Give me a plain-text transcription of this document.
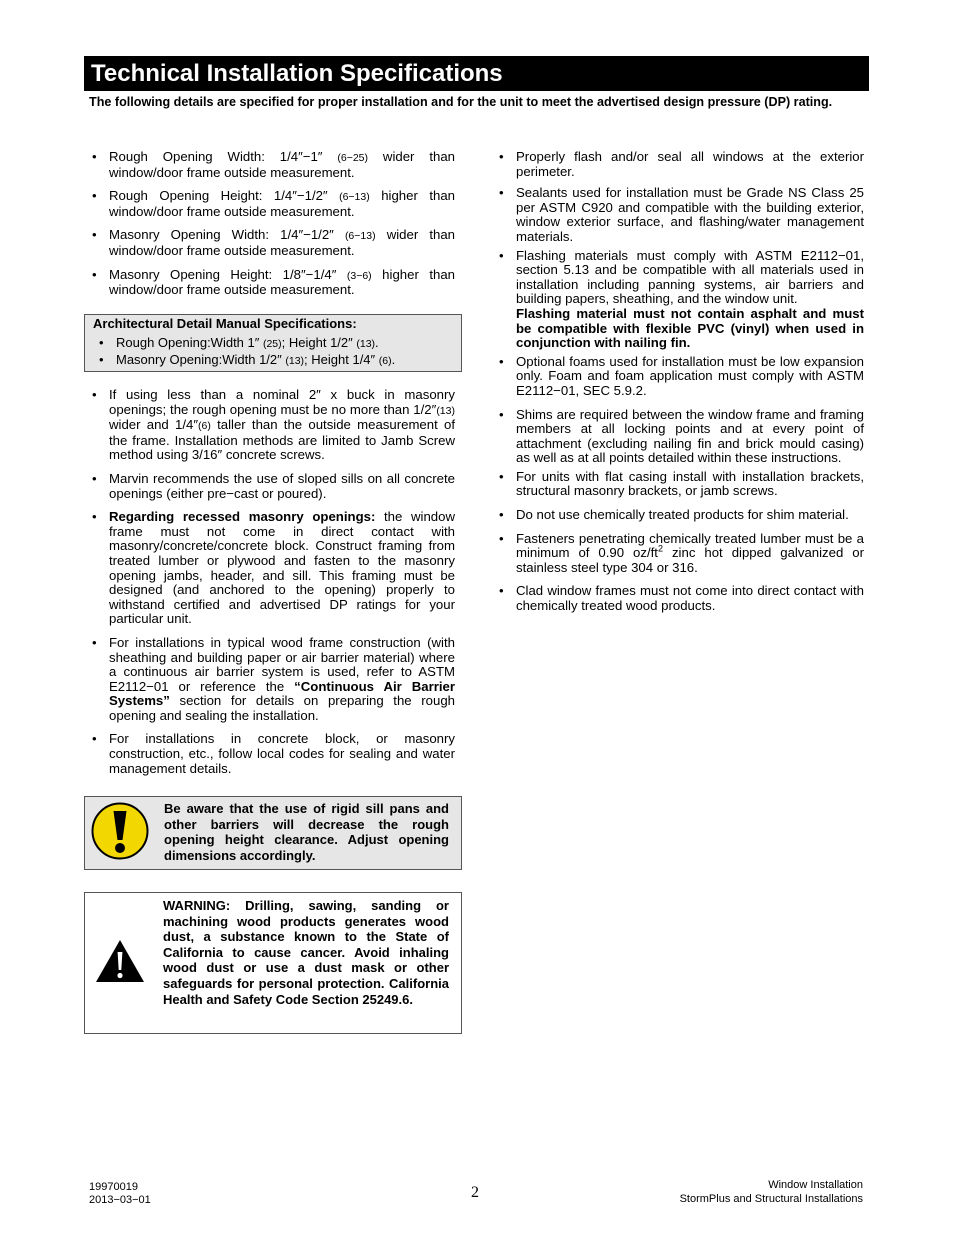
Technical Installation Specifications
The following details are specified for proper installation and for the unit to meet the advertised design pressure (DP) rating.
• Rough Opening Width: 1/4″−1″ (6−25) wider than window/door frame outside measurement.
• Rough Opening Height: 1/4″−1/2″ (6−13) higher than window/door frame outside measurement.
• Masonry Opening Width: 1/4″−1/2″ (6−13) wider than window/door frame outside measurement.
• Masonry Opening Height: 1/8″−1/4″ (3−6) higher than window/door frame outside measurement.
Architectural Detail Manual Specifications:
• Rough Opening:Width 1″ (25); Height 1/2″ (13).
• Masonry Opening:Width 1/2″ (13); Height 1/4″ (6).
• If using less than a nominal 2″ x buck in masonry openings; the rough opening must be no more than 1/2″(13) wider and 1/4″(6) taller than the outside measurement of the frame. Installation methods are limited to Jamb Screw method using 3/16″ concrete screws.
• Marvin recommends the use of sloped sills on all concrete openings (either pre−cast or poured).
• Regarding recessed masonry openings: the window frame must not come in direct contact with masonry/concrete/concrete block. Construct framing from treated lumber or plywood and fasten to the masonry opening jambs, header, and sill. This framing must be designed (and anchored to the opening) properly to withstand certified and advertised DP ratings for your particular unit.
• For installations in typical wood frame construction (with sheathing and building paper or air barrier material) where a continuous air barrier system is used, refer to ASTM E2112−01 or reference the “Continuous Air Barrier Systems” section for details on preparing the rough opening and sealing the installation.
• For installations in concrete block, or masonry construction, etc., follow local codes for sealing and water management details.
Be aware that the use of rigid sill pans and other barriers will decrease the rough opening height clearance. Adjust opening dimensions accordingly.
WARNING: Drilling, sawing, sanding or machining wood products generates wood dust, a substance known to the State of California to cause cancer. Avoid inhaling wood dust or use a dust mask or other safeguards for personal protection. California Health and Safety Code Section 25249.6.
• Properly flash and/or seal all windows at the exterior perimeter.
• Sealants used for installation must be Grade NS Class 25 per ASTM C920 and compatible with the building exterior, window exterior surface, and flashing/water management materials.
• Flashing materials must comply with ASTM E2112−01, section 5.13 and be compatible with all materials used in installation including panning systems, air barriers and building papers, sheathing, and the window unit.
Flashing material must not contain asphalt and must be compatible with flexible PVC (vinyl) when used in conjunction with nailing fin.
• Optional foams used for installation must be low expansion only. Foam and foam application must comply with ASTM E2112−01, SEC 5.9.2.
• Shims are required between the window frame and framing members at all locking points and at every point of attachment (excluding nailing fin and brick mould casing) as well as at all points detailed within these instructions.
• For units with flat casing install with installation brackets, structural masonry brackets, or jamb screws.
• Do not use chemically treated products for shim material.
• Fasteners penetrating chemically treated lumber must be a minimum of 0.90 $oz/ft^2$ zinc hot dipped galvanized or stainless steel type 304 or 316.
• Clad window frames must not come into direct contact with chemically treated wood products.
19970019
2013−03−01	2	Window Installation
StormPlus and Structural Installations
